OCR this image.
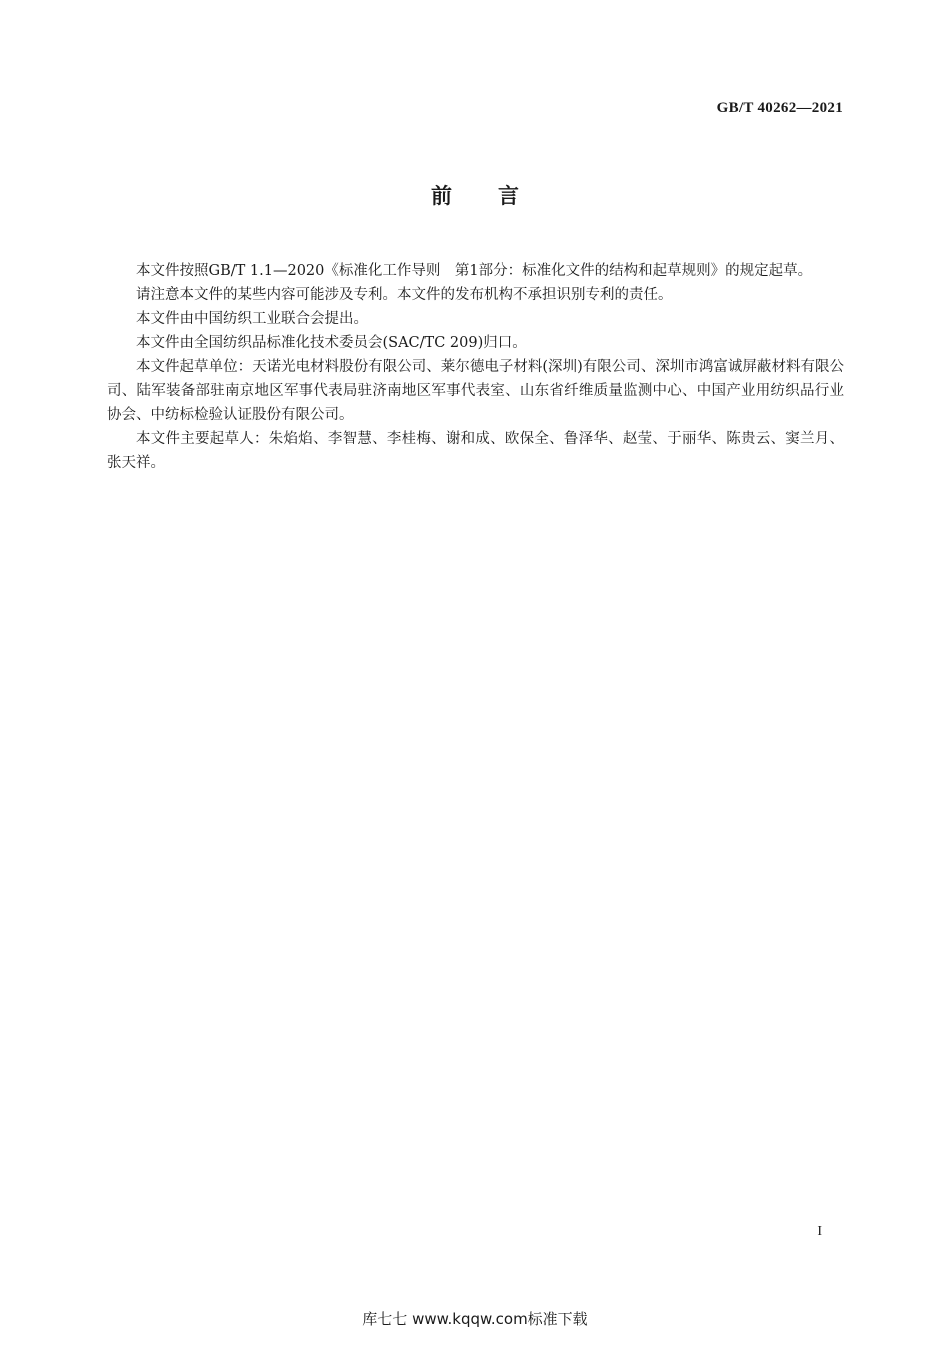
GB/T 40262—2021
前言

本文件按照GB/T 1.1—2020《标准化工作导则　第1部分：标准化文件的结构和起草规则》的规定起草。

请注意本文件的某些内容可能涉及专利。本文件的发布机构不承担识别专利的责任。

本文件由中国纺织工业联合会提出。

本文件由全国纺织品标准化技术委员会(SAC/TC 209)归口。

本文件起草单位：天诺光电材料股份有限公司、莱尔德电子材料(深圳)有限公司、深圳市鸿富诚屏蔽材料有限公司、陆军装备部驻南京地区军事代表局驻济南地区军事代表室、山东省纤维质量监测中心、中国产业用纺织品行业协会、中纺标检验认证股份有限公司。

本文件主要起草人：朱焰焰、李智慧、李桂梅、谢和成、欧保全、鲁泽华、赵莹、于丽华、陈贵云、窦兰月、张天祥。

I
库七七 www.kqqw.com标准下载
